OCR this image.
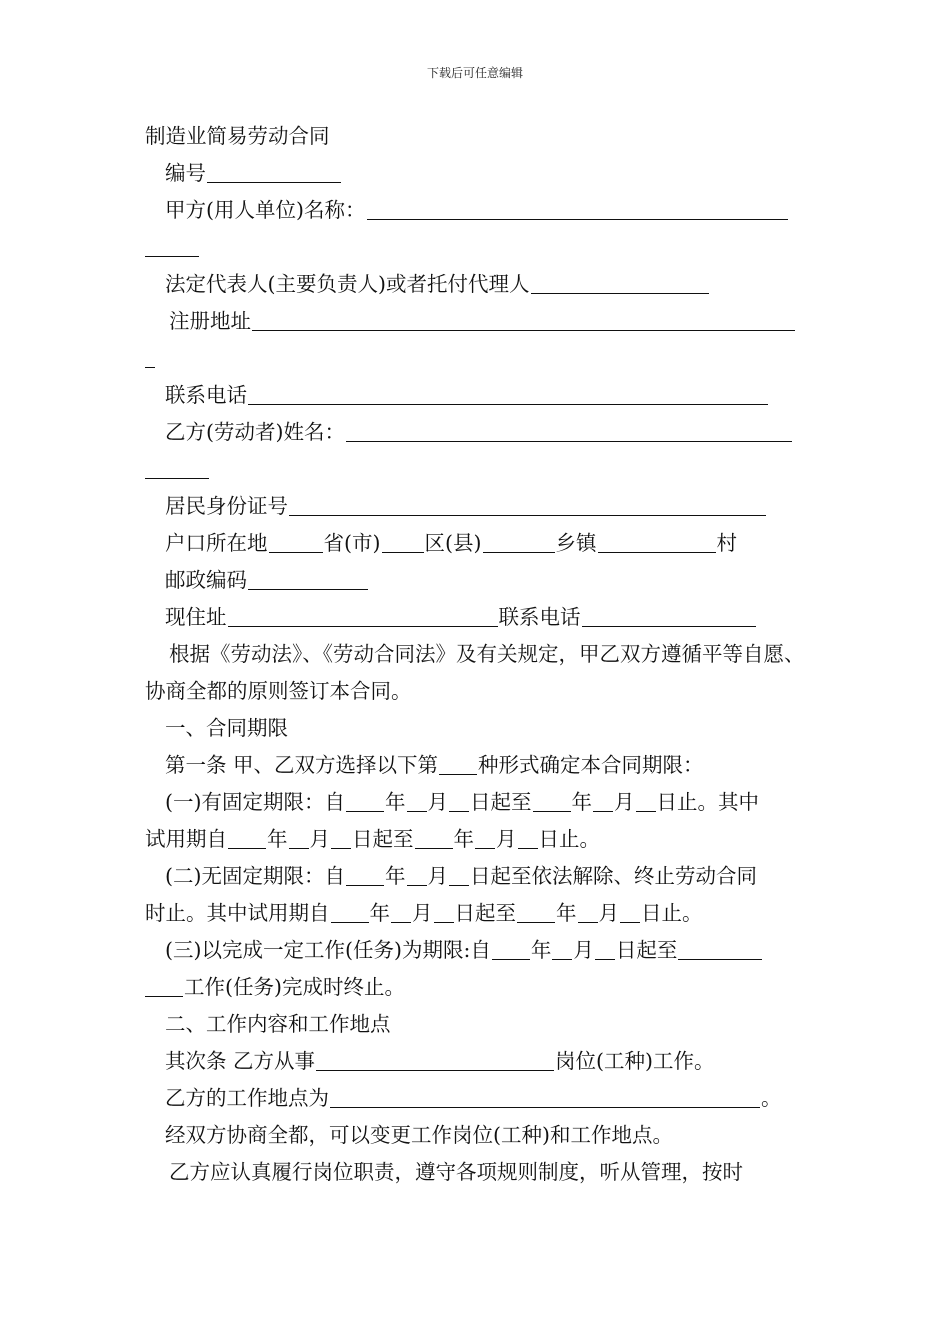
下载后可任意编辑
制造业简易劳动合同
编号
甲方(用人单位)名称：
法定代表人(主要负责人)或者托付代理人
注册地址
联系电话
乙方(劳动者)姓名：
居民身份证号
户口所在地	省(市) 区(县)	乡镇	村
邮政编码
现住址	联系电话
根据《劳动法》、《劳动合同法》及有关规定，甲乙双方遵循平等自愿、协商全都的原则签订本合同。
一、合同期限
第一条 甲、乙双方选择以下第 种形式确定本合同期限：
(一)有固定期限：自 年 月 日起至 年 月 日止。其中
试用期自 年 月 日起至 年 月 日止。
(二)无固定期限：自 年 月 日起至依法解除、终止劳动合同
时止。其中试用期自 年 月 日起至 年 月 日止。
(三)以完成一定工作(任务)为期限:自 年 月 日起至
工作(任务)完成时终止。
二、工作内容和工作地点
其次条 乙方从事	岗位(工种)工作。
乙方的工作地点为	。
经双方协商全都，可以变更工作岗位(工种)和工作地点。
乙方应认真履行岗位职责，遵守各项规则制度，听从管理，按时
